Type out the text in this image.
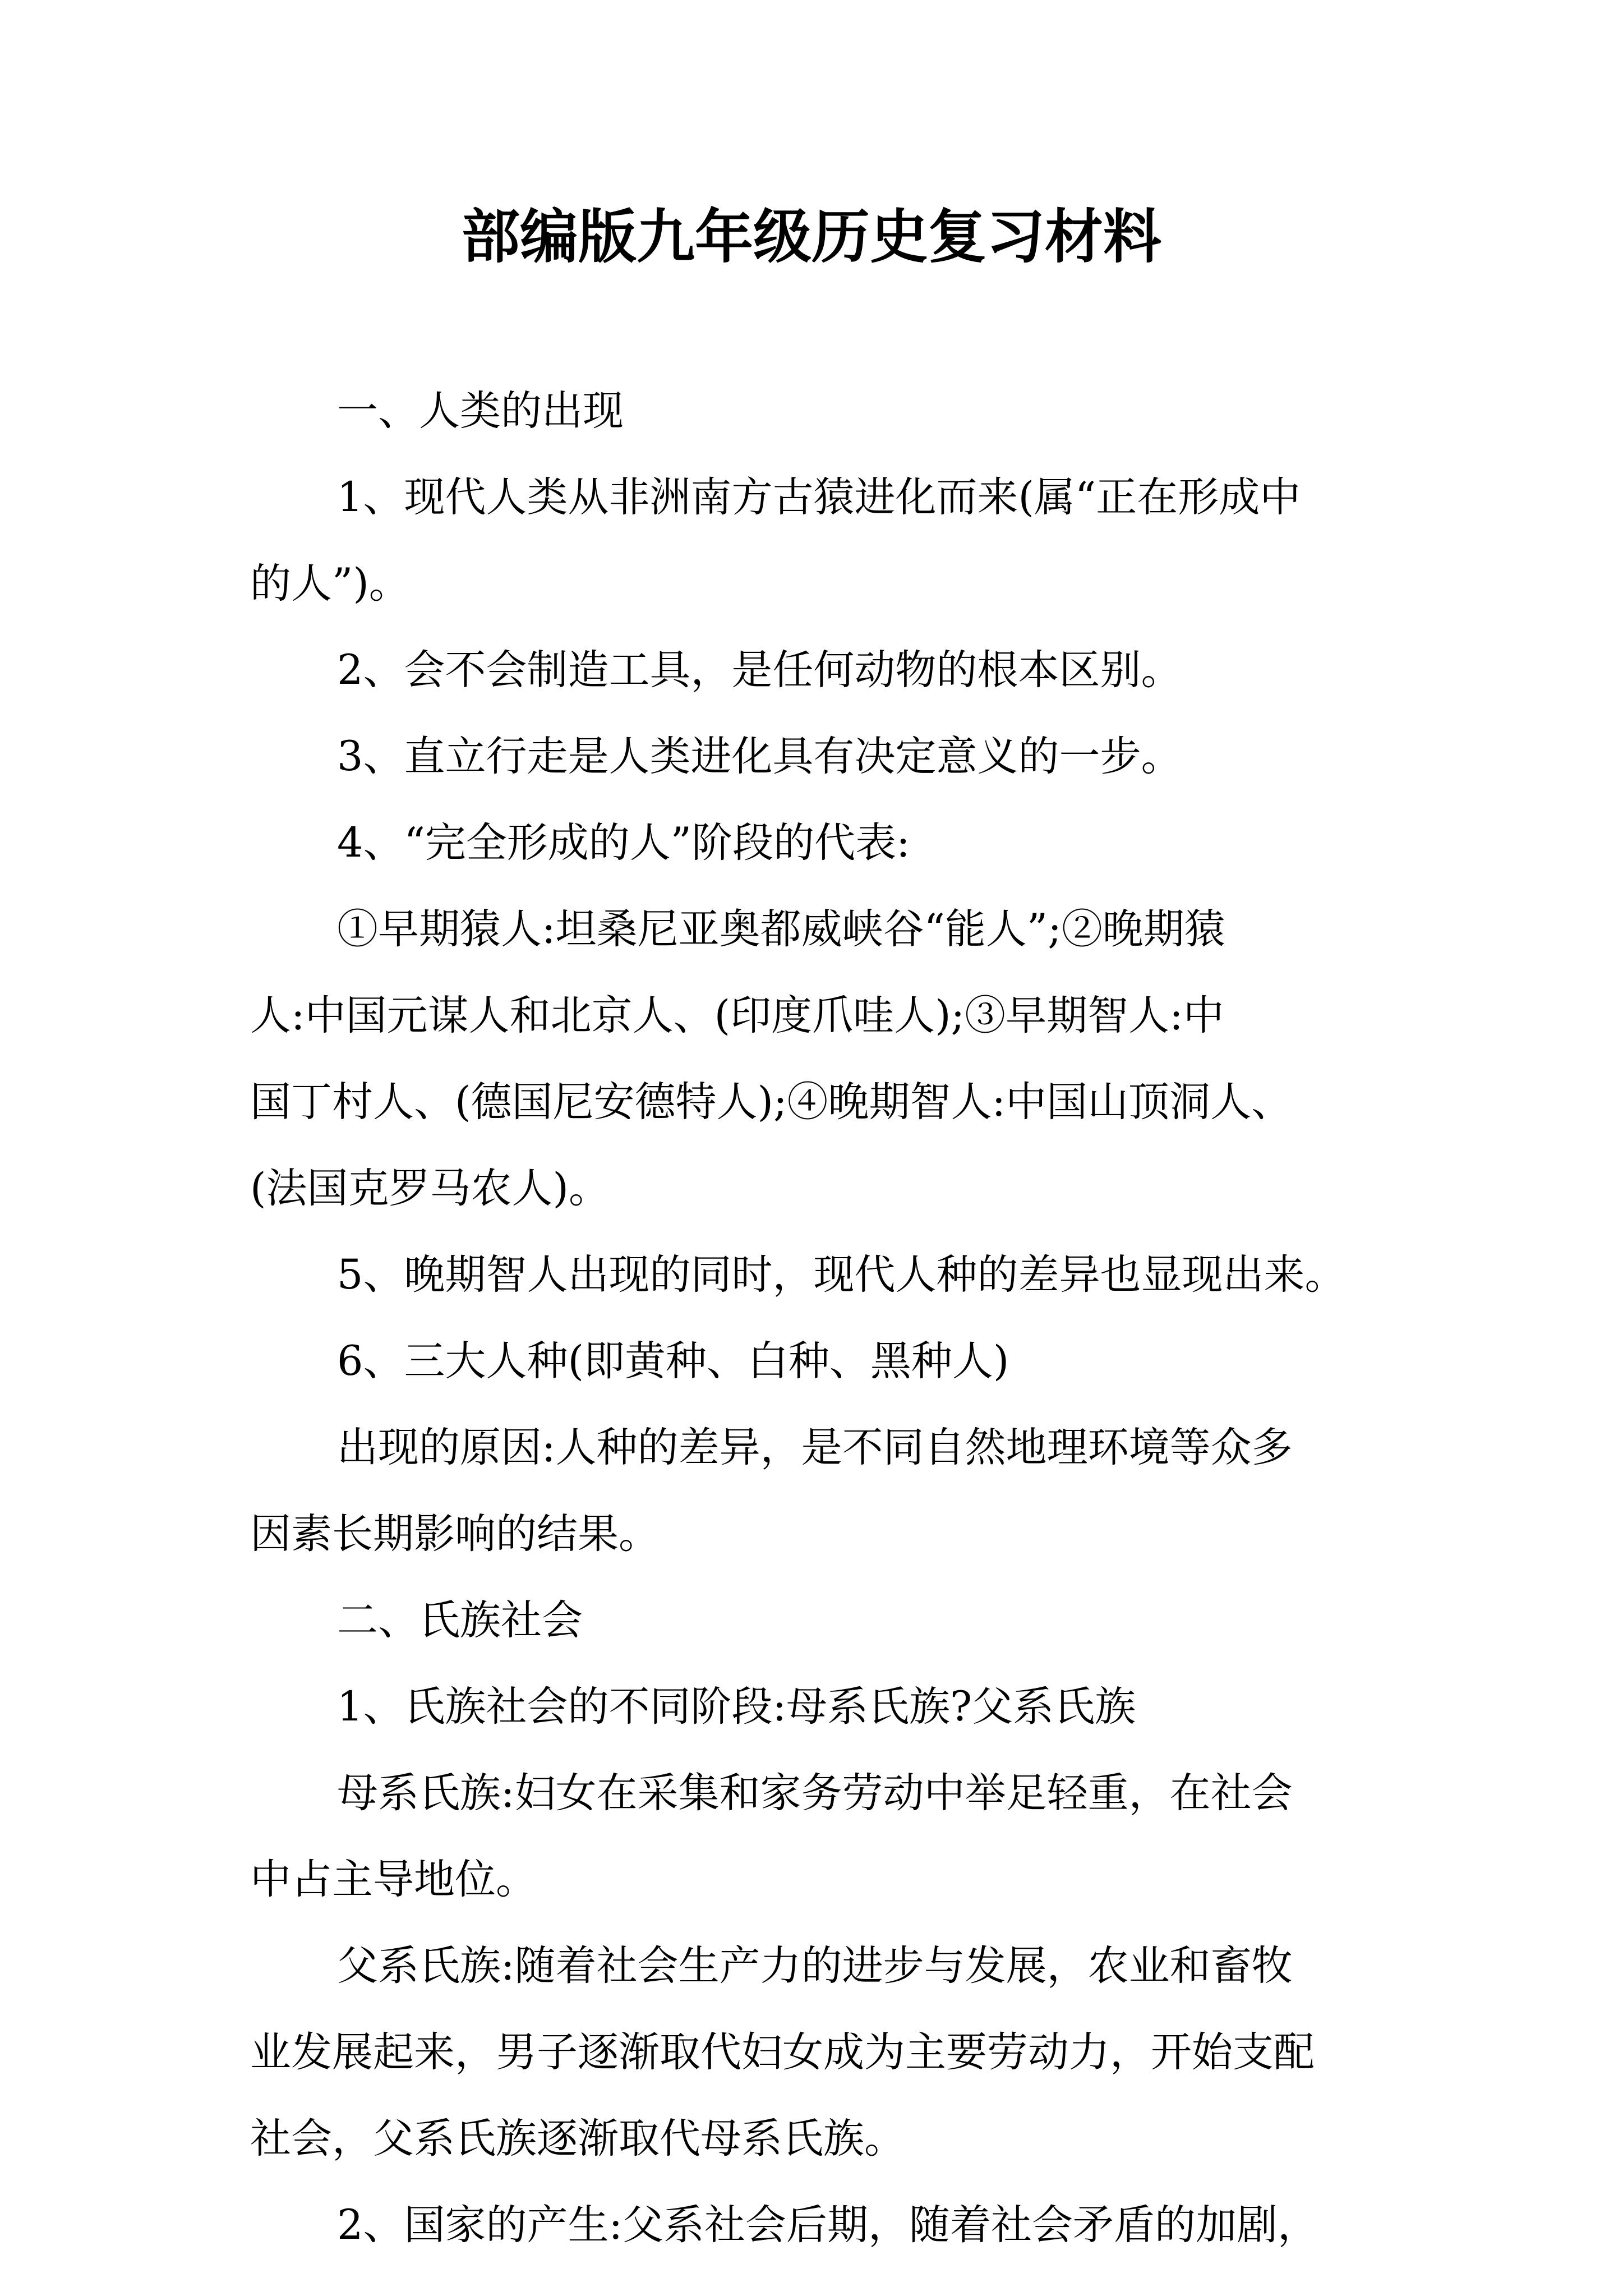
部编版九年级历史复习材料
一、人类的出现
1、现代人类从非洲南方古猿进化而来(属“正在形成中
的人”)。
2、会不会制造工具，是任何动物的根本区别。
3、直立行走是人类进化具有决定意义的一步。
4、“完全形成的人”阶段的代表:
①早期猿人:坦桑尼亚奥都威峡谷“能人”;②晚期猿
人:中国元谋人和北京人、(印度爪哇人);③早期智人:中
国丁村人、(德国尼安德特人);④晚期智人:中国山顶洞人、
(法国克罗马农人)。
5、晚期智人出现的同时，现代人种的差异也显现出来。
6、三大人种(即黄种、白种、黑种人)
出现的原因:人种的差异，是不同自然地理环境等众多
因素长期影响的结果。
二、氏族社会
1、氏族社会的不同阶段:母系氏族?父系氏族
母系氏族:妇女在采集和家务劳动中举足轻重，在社会
中占主导地位。
父系氏族:随着社会生产力的进步与发展，农业和畜牧
业发展起来，男子逐渐取代妇女成为主要劳动力，开始支配
社会，父系氏族逐渐取代母系氏族。
2、国家的产生:父系社会后期，随着社会矛盾的加剧，
